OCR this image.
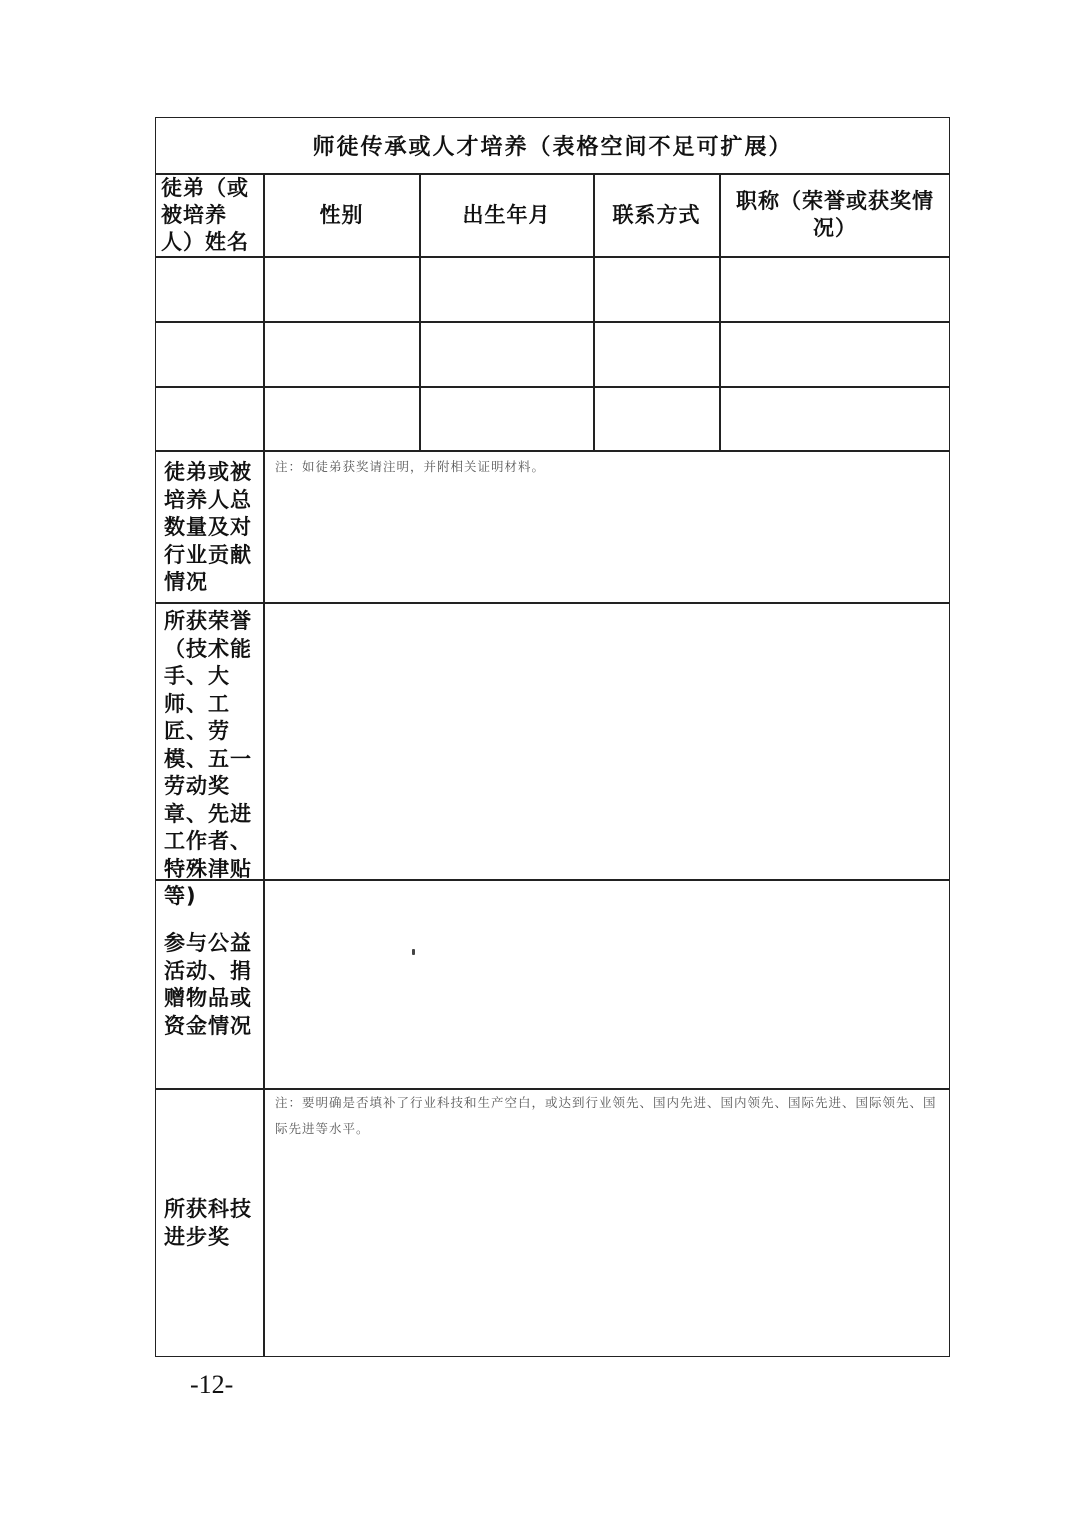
师徒传承或人才培养（表格空间不足可扩展）
徒弟（或被培养人）姓名
性别	出生年月	联系方式
职称（荣誉或获奖情况）
徒弟或被培养人总数量及对行业贡献情况
注：如徒弟获奖请注明，并附相关证明材料。
所获荣誉（技术能手、大师、工匠、劳模、五一劳动奖章、先进工作者、特殊津贴等)
参与公益活动、捐赠物品或资金情况
所获科技进步奖
注：要明确是否填补了行业科技和生产空白，或达到行业领先、国内先进、国内领先、国际先进、国际领先、国际先进等水平。
-12-
